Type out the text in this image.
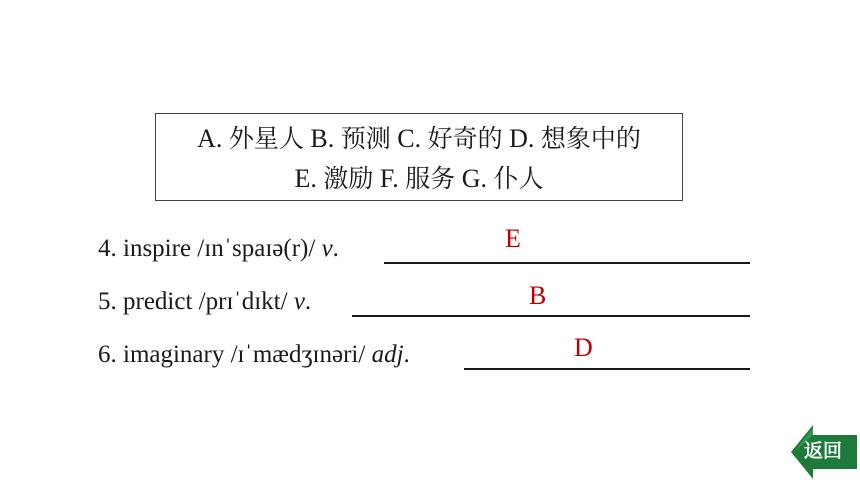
A. 外星人 B. 预测 C. 好奇的 D. 想象中的
E. 激励 F. 服务 G. 仆人
4. inspire /ɪnˈspaɪə(r)/ v.	E
5. predict /prɪˈdɪkt/ v.	B
6. imaginary /ɪˈmædʒɪnəri/ adj.	D
返回
